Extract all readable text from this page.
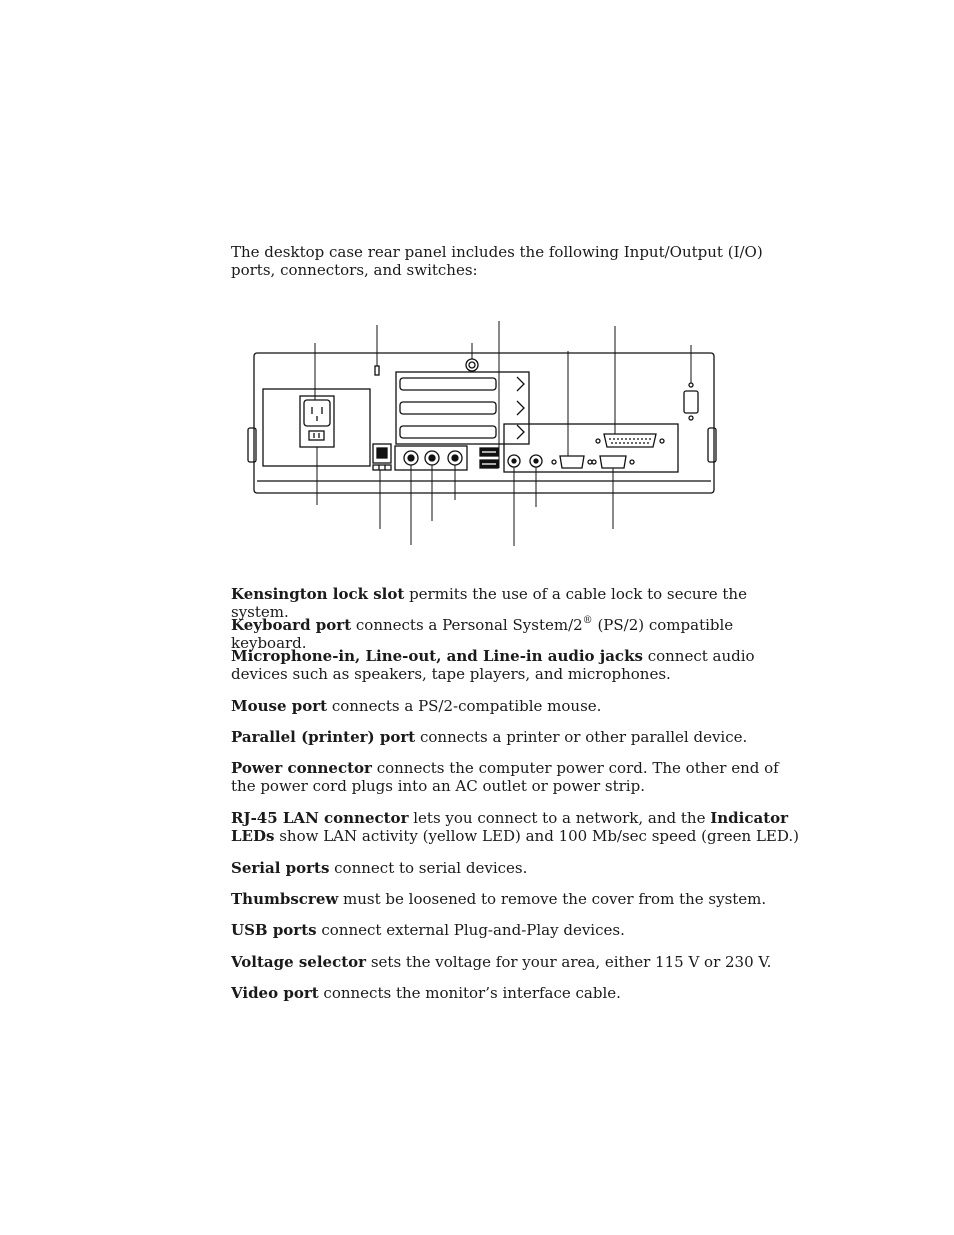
The desktop case rear panel includes the following Input/Output (I/O) ports, connectors, and switches:

Kensington lock slot permits the use of a cable lock to secure the system.
Keyboard port connects a Personal System/2® (PS/2) compatible keyboard.
Microphone-in, Line-out, and Line-in audio jacks connect audio devices such as speakers, tape players, and microphones.
Mouse port connects a PS/2-compatible mouse.
Parallel (printer) port connects a printer or other parallel device.
Power connector connects the computer power cord. The other end of the power cord plugs into an AC outlet or power strip.
RJ-45 LAN connector lets you connect to a network, and the Indicator LEDs show LAN activity (yellow LED) and 100 Mb/sec speed (green LED.)
Serial ports connect to serial devices.
Thumbscrew must be loosened to remove the cover from the system.
USB ports connect external Plug-and-Play devices.
Voltage selector sets the voltage for your area, either 115 V or 230 V.
Video port connects the monitor’s interface cable.
